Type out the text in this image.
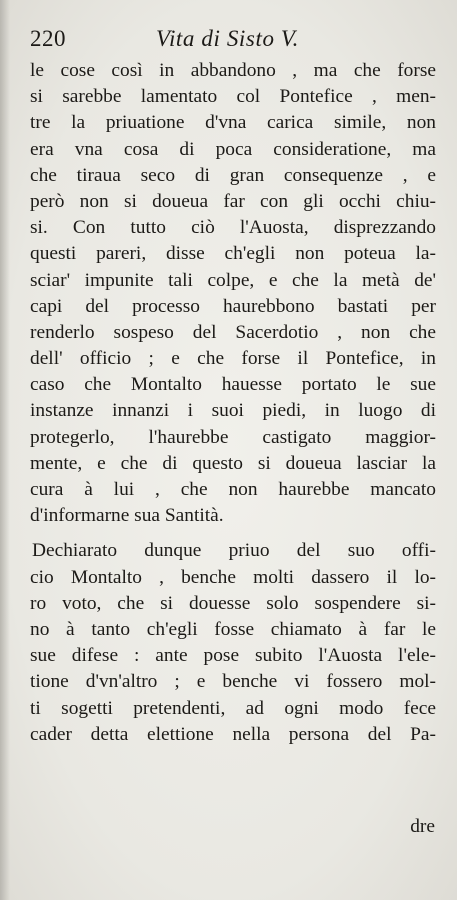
220	Vita di Sisto V.
le cose così in abbandono , ma che forse
si sarebbe lamentato col Pontefice , men-
tre la priuatione d'vna carica simile, non
era vna cosa di poca consideratione, ma
che tiraua seco di gran consequenze , e
però non si doueua far con gli occhi chiu-
si. Con tutto ciò l'Auosta, disprezzando
questi pareri, disse ch'egli non poteua la-
sciar' impunite tali colpe, e che la metà de'
capi del processo haurebbono bastati per
renderlo sospeso del Sacerdotio , non che
dell' officio ; e che forse il Pontefice, in
caso che Montalto hauesse portato le sue
instanze innanzi i suoi piedi, in luogo di
protegerlo, l'haurebbe castigato maggior-
mente, e che di questo si doueua lasciar la
cura à lui , che non haurebbe mancato
d'informarne sua Santità.
Dechiarato dunque priuo del suo offi-
cio Montalto , benche molti dassero il lo-
ro voto, che si douesse solo sospendere si-
no à tanto ch'egli fosse chiamato à far le
sue difese : ante pose subito l'Auosta l'ele-
tione d'vn'altro ; e benche vi fossero mol-
ti sogetti pretendenti, ad ogni modo fece
cader detta elettione nella persona del Pa-
dre
